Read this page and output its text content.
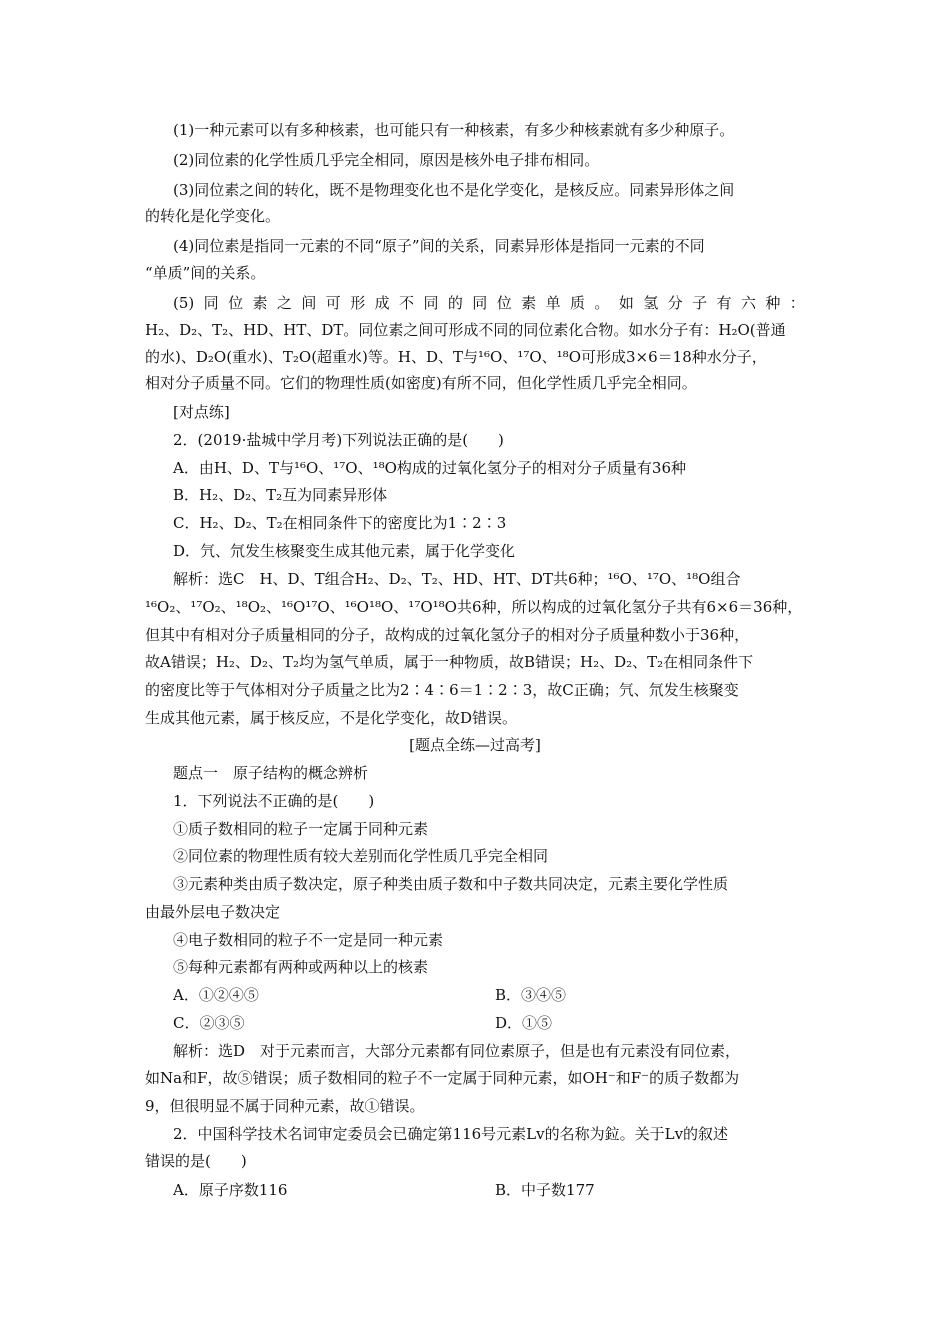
(1)一种元素可以有多种核素，也可能只有一种核素，有多少种核素就有多少种原子。
(2)同位素的化学性质几乎完全相同，原因是核外电子排布相同。
(3)同位素之间的转化，既不是物理变化也不是化学变化，是核反应。同素异形体之间
的转化是化学变化。
(4)同位素是指同一元素的不同“原子”间的关系，同素异形体是指同一元素的不同
“单质”间的关系。
(5) 同 位 素 之 间 可 形 成 不 同 的 同 位 素 单 质 。 如 氢 分 子 有 六 种 ：
H₂、D₂、T₂、HD、HT、DT。同位素之间可形成不同的同位素化合物。如水分子有：H₂O(普通
的水)、D₂O(重水)、T₂O(超重水)等。H、D、T与¹⁶O、¹⁷O、¹⁸O可形成3×6＝18种水分子，
相对分子质量不同。它们的物理性质(如密度)有所不同，但化学性质几乎完全相同。
[对点练]
2．(2019·盐城中学月考)下列说法正确的是(　　)
A．由H、D、T与¹⁶O、¹⁷O、¹⁸O构成的过氧化氢分子的相对分子质量有36种
B．H₂、D₂、T₂互为同素异形体
C．H₂、D₂、T₂在相同条件下的密度比为1∶2∶3
D．氕、氘发生核聚变生成其他元素，属于化学变化
解析：选C　H、D、T组合H₂、D₂、T₂、HD、HT、DT共6种；¹⁶O、¹⁷O、¹⁸O组合
¹⁶O₂、¹⁷O₂、¹⁸O₂、¹⁶O¹⁷O、¹⁶O¹⁸O、¹⁷O¹⁸O共6种，所以构成的过氧化氢分子共有6×6＝36种，
但其中有相对分子质量相同的分子，故构成的过氧化氢分子的相对分子质量种数小于36种，
故A错误；H₂、D₂、T₂均为氢气单质，属于一种物质，故B错误；H₂、D₂、T₂在相同条件下
的密度比等于气体相对分子质量之比为2∶4∶6＝1∶2∶3，故C正确；氕、氘发生核聚变
生成其他元素，属于核反应，不是化学变化，故D错误。
[题点全练—过高考]
题点一　原子结构的概念辨析
1．下列说法不正确的是(　　)
①质子数相同的粒子一定属于同种元素
②同位素的物理性质有较大差别而化学性质几乎完全相同
③元素种类由质子数决定，原子种类由质子数和中子数共同决定，元素主要化学性质
由最外层电子数决定
④电子数相同的粒子不一定是同一种元素
⑤每种元素都有两种或两种以上的核素
A．①②④⑤	B．③④⑤
C．②③⑤	D．①⑤
解析：选D　对于元素而言，大部分元素都有同位素原子，但是也有元素没有同位素，
如Na和F，故⑤错误；质子数相同的粒子不一定属于同种元素，如OH⁻和F⁻的质子数都为
9，但很明显不属于同种元素，故①错误。
2．中国科学技术名词审定委员会已确定第116号元素Lv的名称为鉝。关于Lv的叙述
错误的是(　　)
A．原子序数116	B．中子数177
